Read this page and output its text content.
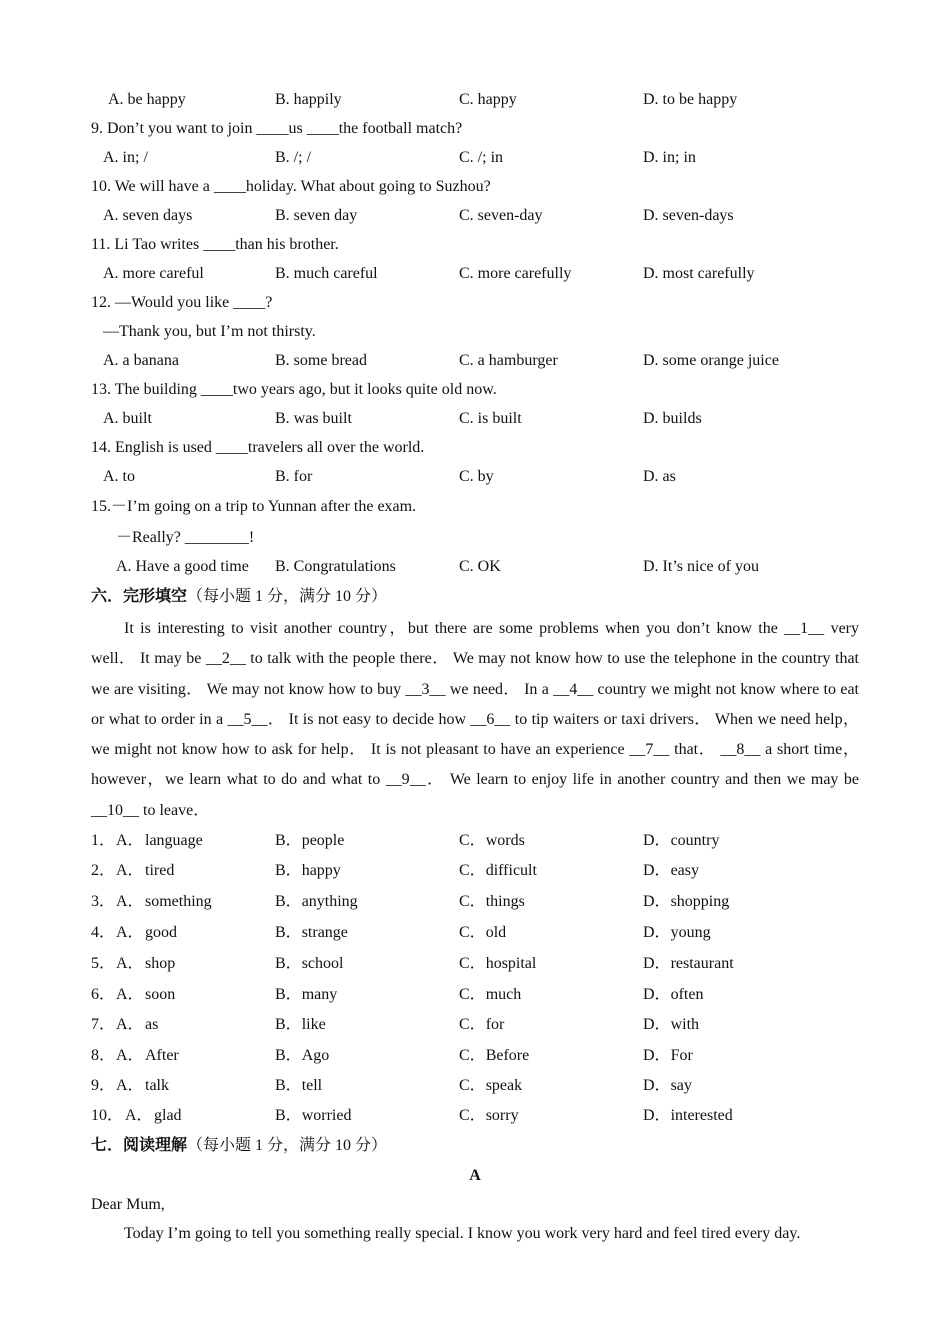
A. be happy	B. happily	C. happy	D. to be happy
9. Don’t you want to join ____us ____the football match?
A. in; /	B. /; /	C. /; in	D. in; in
10. We will have a ____holiday. What about going to Suzhou?
A. seven days	B. seven day	C. seven-day	D. seven-days
11. Li Tao writes ____than his brother.
A. more careful	B. much careful	C. more carefully	D. most carefully
12. —Would you like ____?
—Thank you, but I’m not thirsty.
A. a banana	B. some bread	C. a hamburger	D. some orange juice
13. The building ____two years ago, but it looks quite old now.
A. built	B. was built	C. is built	D. builds
14. English is used ____travelers all over the world.
A. to	B. for	C. by	D. as
15.－I’m going on a trip to Yunnan after the exam.
－Really? ________!
A. Have a good time B. Congratulations	C. OK	D. It’s nice of you
六．完形填空（每小题 1 分，满分 10 分）
It is interesting to visit another country，but there are some problems when you don’t know the __1__ very well． It may be __2__ to talk with the people there． We may not know how to use the telephone in the country that we are visiting． We may not know how to buy __3__ we need． In a __4__ country we might not know where to eat or what to order in a __5__． It is not easy to decide how __6__ to tip waiters or taxi drivers． When we need help， we might not know how to ask for help． It is not pleasant to have an experience __7__ that． __8__ a short time， however，we learn what to do and what to __9__． We learn to enjoy life in another country and then we may be __10__ to leave．
1． A． language	B．people	C．words	D．country
2． A． tired	B．happy	C．difficult	D．easy
3． A． something	B．anything	C．things	D．shopping
4． A． good	B．strange	C．old	D．young
5． A． shop	B．school	C．hospital	D．restaurant
6． A． soon	B．many	C．much	D．often
7． A． as	B．like	C．for	D．with
8． A． After	B．Ago	C．Before	D．For
9． A． talk	B．tell	C．speak	D．say
10． A． glad	B．worried	C．sorry	D．interested
七．阅读理解（每小题 1 分，满分 10 分）
A
Dear Mum,
Today I’m going to tell you something really special. I know you work very hard and feel tired every day.
